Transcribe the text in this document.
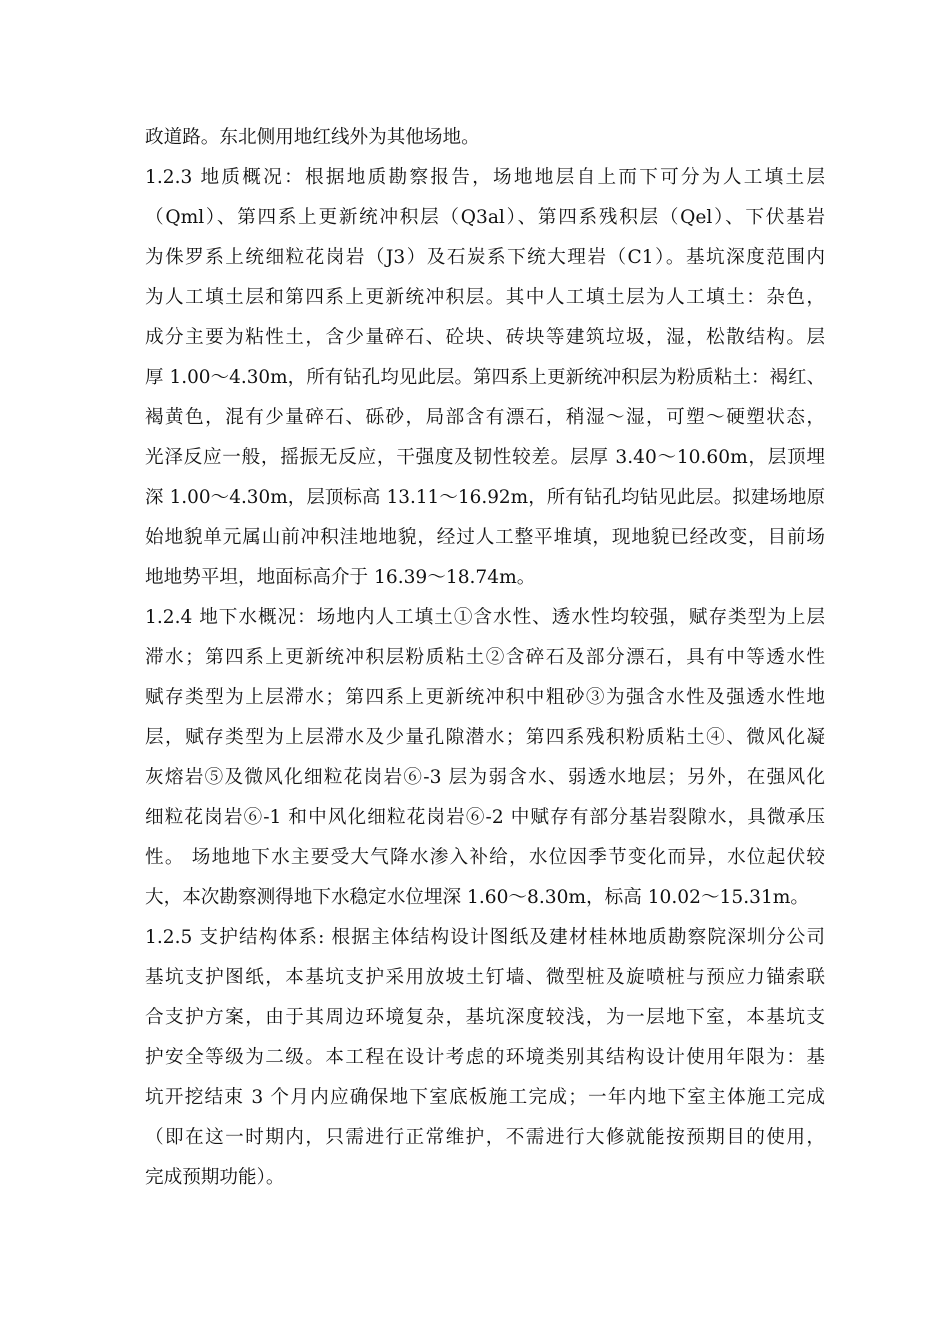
政道路。东北侧用地红线外为其他场地。
1.2.3 地质概况：根据地质勘察报告，场地地层自上而下可分为人工填土层
（Qml）、第四系上更新统冲积层（Q3al）、第四系残积层（Qel）、下伏基岩
为侏罗系上统细粒花岗岩（J3）及石炭系下统大理岩（C1）。基坑深度范围内
为人工填土层和第四系上更新统冲积层。其中人工填土层为人工填土：杂色，
成分主要为粘性土，含少量碎石、砼块、砖块等建筑垃圾，湿，松散结构。层
厚 1.00～4.30m，所有钻孔均见此层。第四系上更新统冲积层为粉质粘土：褐红、
褐黄色，混有少量碎石、砾砂，局部含有漂石，稍湿～湿，可塑～硬塑状态，
光泽反应一般，摇振无反应，干强度及韧性较差。层厚 3.40～10.60m，层顶埋
深 1.00～4.30m，层顶标高 13.11～16.92m，所有钻孔均钻见此层。拟建场地原
始地貌单元属山前冲积洼地地貌，经过人工整平堆填，现地貌已经改变，目前场
地地势平坦，地面标高介于 16.39～18.74m。
1.2.4 地下水概况：场地内人工填土①含水性、透水性均较强，赋存类型为上层
滞水；第四系上更新统冲积层粉质粘土②含碎石及部分漂石，具有中等透水性
赋存类型为上层滞水；第四系上更新统冲积中粗砂③为强含水性及强透水性地
层，赋存类型为上层滞水及少量孔隙潜水；第四系残积粉质粘土④、微风化凝
灰熔岩⑤及微风化细粒花岗岩⑥-3 层为弱含水、弱透水地层；另外，在强风化
细粒花岗岩⑥-1 和中风化细粒花岗岩⑥-2 中赋存有部分基岩裂隙水，具微承压
性。 场地地下水主要受大气降水渗入补给，水位因季节变化而异，水位起伏较
大，本次勘察测得地下水稳定水位埋深 1.60～8.30m，标高 10.02～15.31m。
1.2.5 支护结构体系: 根据主体结构设计图纸及建材桂林地质勘察院深圳分公司
基坑支护图纸，本基坑支护采用放坡土钉墙、微型桩及旋喷桩与预应力锚索联
合支护方案，由于其周边环境复杂，基坑深度较浅，为一层地下室，本基坑支
护安全等级为二级。本工程在设计考虑的环境类别其结构设计使用年限为：基
坑开挖结束 3 个月内应确保地下室底板施工完成；一年内地下室主体施工完成
（即在这一时期内，只需进行正常维护，不需进行大修就能按预期目的使用，
完成预期功能）。
